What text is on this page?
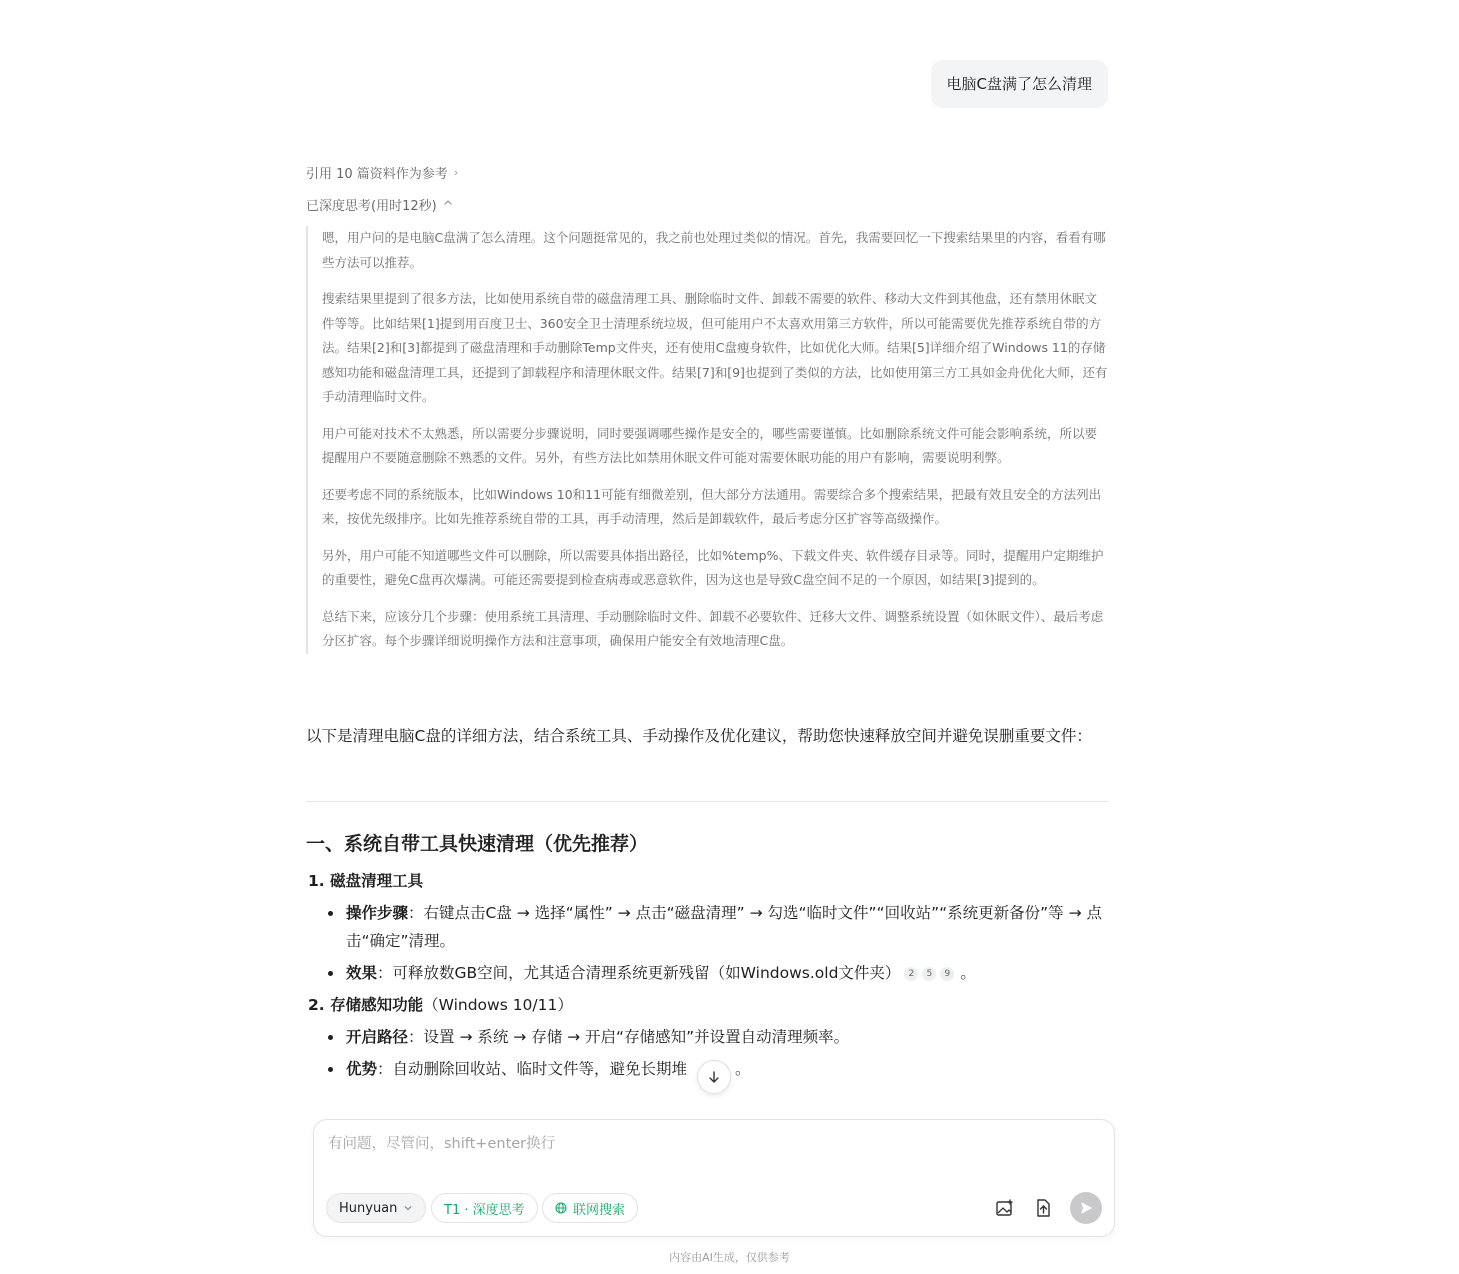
电脑C盘满了怎么清理
引用 10 篇资料作为参考 ›
已深度思考(用时12秒)

嗯，用户问的是电脑C盘满了怎么清理。这个问题挺常见的，我之前也处理过类似的情况。首先，我需要回忆一下搜索结果里的内容，看看有哪些方法可以推荐。

搜索结果里提到了很多方法，比如使用系统自带的磁盘清理工具、删除临时文件、卸载不需要的软件、移动大文件到其他盘，还有禁用休眠文件等等。比如结果[1]提到用百度卫士、360安全卫士清理系统垃圾，但可能用户不太喜欢用第三方软件，所以可能需要优先推荐系统自带的方法。结果[2]和[3]都提到了磁盘清理和手动删除Temp文件夹，还有使用C盘瘦身软件，比如优化大师。结果[5]详细介绍了Windows 11的存储感知功能和磁盘清理工具，还提到了卸载程序和清理休眠文件。结果[7]和[9]也提到了类似的方法，比如使用第三方工具如金舟优化大师，还有手动清理临时文件。

用户可能对技术不太熟悉，所以需要分步骤说明，同时要强调哪些操作是安全的，哪些需要谨慎。比如删除系统文件可能会影响系统，所以要提醒用户不要随意删除不熟悉的文件。另外，有些方法比如禁用休眠文件可能对需要休眠功能的用户有影响，需要说明利弊。

还要考虑不同的系统版本，比如Windows 10和11可能有细微差别，但大部分方法通用。需要综合多个搜索结果，把最有效且安全的方法列出来，按优先级排序。比如先推荐系统自带的工具，再手动清理，然后是卸载软件，最后考虑分区扩容等高级操作。

另外，用户可能不知道哪些文件可以删除，所以需要具体指出路径，比如%temp%、下载文件夹、软件缓存目录等。同时，提醒用户定期维护的重要性，避免C盘再次爆满。可能还需要提到检查病毒或恶意软件，因为这也是导致C盘空间不足的一个原因，如结果[3]提到的。

总结下来，应该分几个步骤：使用系统工具清理、手动删除临时文件、卸载不必要软件、迁移大文件、调整系统设置（如休眠文件）、最后考虑分区扩容。每个步骤详细说明操作方法和注意事项，确保用户能安全有效地清理C盘。

以下是清理电脑C盘的详细方法，结合系统工具、手动操作及优化建议，帮助您快速释放空间并避免误删重要文件：
一、系统自带工具快速清理（优先推荐）
1. 磁盘清理工具
操作步骤：右键点击C盘 → 选择“属性” → 点击“磁盘清理” → 勾选“临时文件”“回收站”“系统更新备份”等 → 点击“确定”清理。
效果：可释放数GB空间，尤其适合清理系统更新残留（如Windows.old文件夹） 2 5 9 。
2. 存储感知功能（Windows 10/11）
开启路径：设置 → 系统 → 存储 → 开启“存储感知”并设置自动清理频率。
优势：自动删除回收站、临时文件等，避免长期堆	。
有问题，尽管问，shift+enter换行
Hunyuan	T1 · 深度思考	联网搜索
内容由AI生成，仅供参考
